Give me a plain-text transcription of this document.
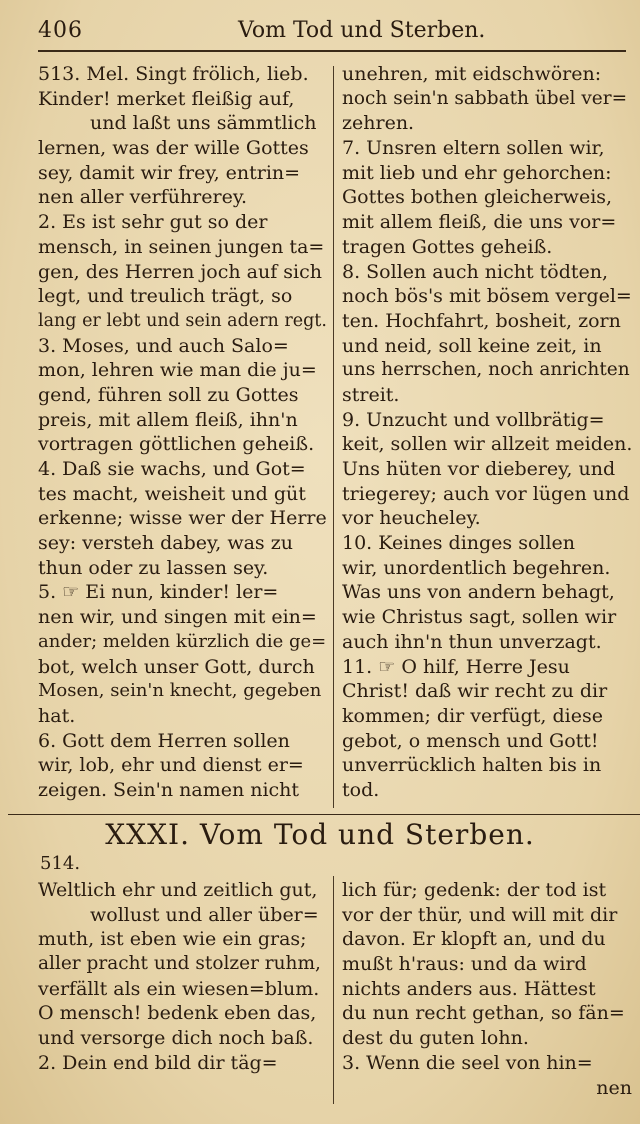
406	Vom Tod und Sterben.

513. Mel. Singt frölich, lieb.

Kinder! merket fleißig auf,

und laßt uns sämmtlich

lernen, was der wille Gottes

sey, damit wir frey, entrin=

nen aller verführerey.

2. Es ist sehr gut so der

mensch, in seinen jungen ta=

gen, des Herren joch auf sich

legt, und treulich trägt, so

lang er lebt und sein adern regt.

3. Moses, und auch Salo=

mon, lehren wie man die ju=

gend, führen soll zu Gottes

preis, mit allem fleiß, ihn'n

vortragen göttlichen geheiß.

4. Daß sie wachs, und Got=

tes macht, weisheit und güt

erkenne; wisse wer der Herre

sey: versteh dabey, was zu

thun oder zu lassen sey.

5. ☞ Ei nun, kinder! ler=

nen wir, und singen mit ein=

ander; melden kürzlich die ge=

bot, welch unser Gott, durch

Mosen, sein'n knecht, gegeben

hat.

6. Gott dem Herren sollen

wir, lob, ehr und dienst er=

zeigen. Sein'n namen nicht

unehren, mit eidschwören:

noch sein'n sabbath übel ver=

zehren.

7. Unsren eltern sollen wir,

mit lieb und ehr gehorchen:

Gottes bothen gleicherweis,

mit allem fleiß, die uns vor=

tragen Gottes geheiß.

8. Sollen auch nicht tödten,

noch bös's mit bösem vergel=

ten. Hochfahrt, bosheit, zorn

und neid, soll keine zeit, in

uns herrschen, noch anrichten

streit.

9. Unzucht und vollbrätig=

keit, sollen wir allzeit meiden.

Uns hüten vor dieberey, und

triegerey; auch vor lügen und

vor heucheley.

10. Keines dinges sollen

wir, unordentlich begehren.

Was uns von andern behagt,

wie Christus sagt, sollen wir

auch ihn'n thun unverzagt.

11. ☞ O hilf, Herre Jesu

Christ! daß wir recht zu dir

kommen; dir verfügt, diese

gebot, o mensch und Gott!

unverrücklich halten bis in

tod.

XXXI. Vom Tod und Sterben.
514.

Weltlich ehr und zeitlich gut,

wollust und aller über=

muth, ist eben wie ein gras;

aller pracht und stolzer ruhm,

verfällt als ein wiesen=blum.

O mensch! bedenk eben das,

und versorge dich noch baß.

2. Dein end bild dir täg=

lich für; gedenk: der tod ist

vor der thür, und will mit dir

davon. Er klopft an, und du

mußt h'raus: und da wird

nichts anders aus. Hättest

du nun recht gethan, so fän=

dest du guten lohn.

3. Wenn die seel von hin=

nen
